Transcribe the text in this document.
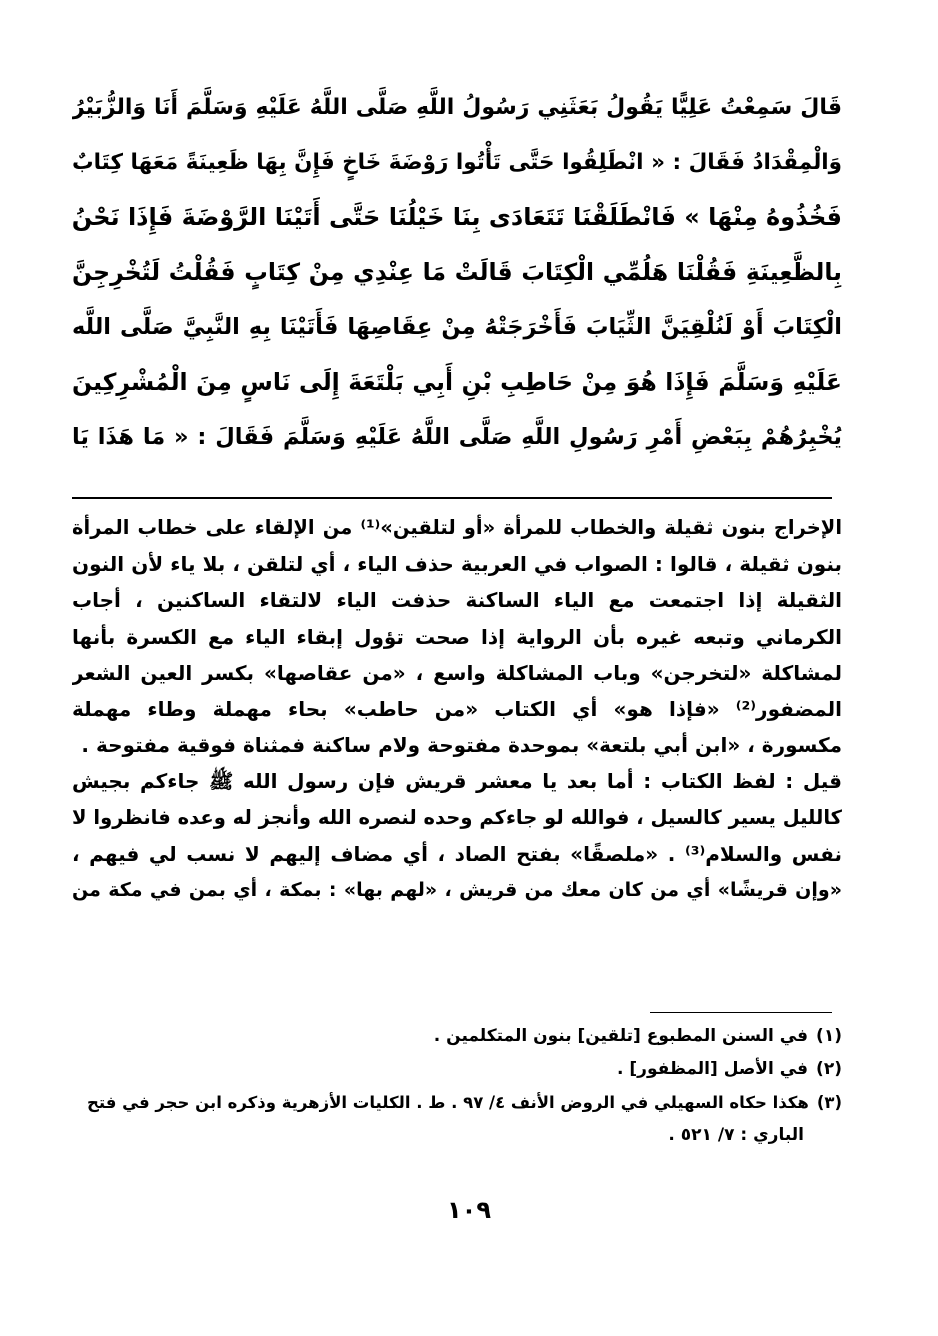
قَالَ سَمِعْتُ عَلِيًّا يَقُولُ بَعَثَنِي رَسُولُ اللَّهِ صَلَّى اللَّهُ عَلَيْهِ وَسَلَّمَ أَنَا وَالزُّبَيْرُ
وَالْمِقْدَادُ فَقَالَ : « انْطَلِقُوا حَتَّى تَأْتُوا رَوْضَةَ خَاخٍ فَإِنَّ بِهَا ظَعِينَةً مَعَهَا كِتَابٌ
فَخُذُوهُ مِنْهَا » فَانْطَلَقْنَا تَتَعَادَى بِنَا خَيْلُنَا حَتَّى أَتَيْنَا الرَّوْضَةَ فَإِذَا نَحْنُ
بِالظَّعِينَةِ فَقُلْنَا هَلُمِّي الْكِتَابَ قَالَتْ مَا عِنْدِي مِنْ كِتَابٍ فَقُلْتُ لَتُخْرِجِنَّ
الْكِتَابَ أَوْ لَنُلْقِيَنَّ الثِّيَابَ فَأَخْرَجَتْهُ مِنْ عِقَاصِهَا فَأَتَيْنَا بِهِ النَّبِيَّ صَلَّى اللَّه
عَلَيْهِ وَسَلَّمَ فَإِذَا هُوَ مِنْ حَاطِبِ بْنِ أَبِي بَلْتَعَةَ إِلَى نَاسٍ مِنَ الْمُشْرِكِينَ
يُخْبِرُهُمْ بِبَعْضِ أَمْرِ رَسُولِ اللَّهِ صَلَّى اللَّهُ عَلَيْهِ وَسَلَّمَ فَقَالَ : « مَا هَذَا يَا
الإخراج بنون ثقيلة والخطاب للمرأة «أو لتلقين»⁽¹⁾ من الإلقاء على خطاب المرأة
بنون ثقيلة ، قالوا : الصواب في العربية حذف الياء ، أي لتلقن ، بلا ياء لأن النون
الثقيلة إذا اجتمعت مع الياء الساكنة حذفت الياء لالتقاء الساكنين ، أجاب
الكرماني وتبعه غيره بأن الرواية إذا صحت تؤول إبقاء الياء مع الكسرة بأنها
لمشاكلة «لتخرجن» وباب المشاكلة واسع ، «من عقاصها» بكسر العين الشعر
المضفور⁽²⁾ «فإذا هو» أي الكتاب «من حاطب» بحاء مهملة وطاء مهملة
مكسورة ، «ابن أبي بلتعة» بموحدة مفتوحة ولام ساكنة فمثناة فوقية مفتوحة .
قيل : لفظ الكتاب : أما بعد يا معشر قريش فإن رسول الله ﷺ جاءكم بجيش
كالليل يسير كالسيل ، فوالله لو جاءكم وحده لنصره الله وأنجز له وعده فانظروا لا
نفس والسلام⁽³⁾ . «ملصقًا» بفتح الصاد ، أي مضاف إليهم لا نسب لي فيهم ،
«وإن قريشًا» أي من كان معك من قريش ، «لهم بها» : بمكة ، أي بمن في مكة من
(١)
في السنن المطبوع [تلقين] بنون المتكلمين .
(٢)
في الأصل [المظفور] .
(٣)
هكذا حكاه السهيلي في الروض الأنف ٤/ ٩٧ . ط . الكليات الأزهرية وذكره ابن حجر في فتح
الباري : ٧/ ٥٢١ .
١٠٩
